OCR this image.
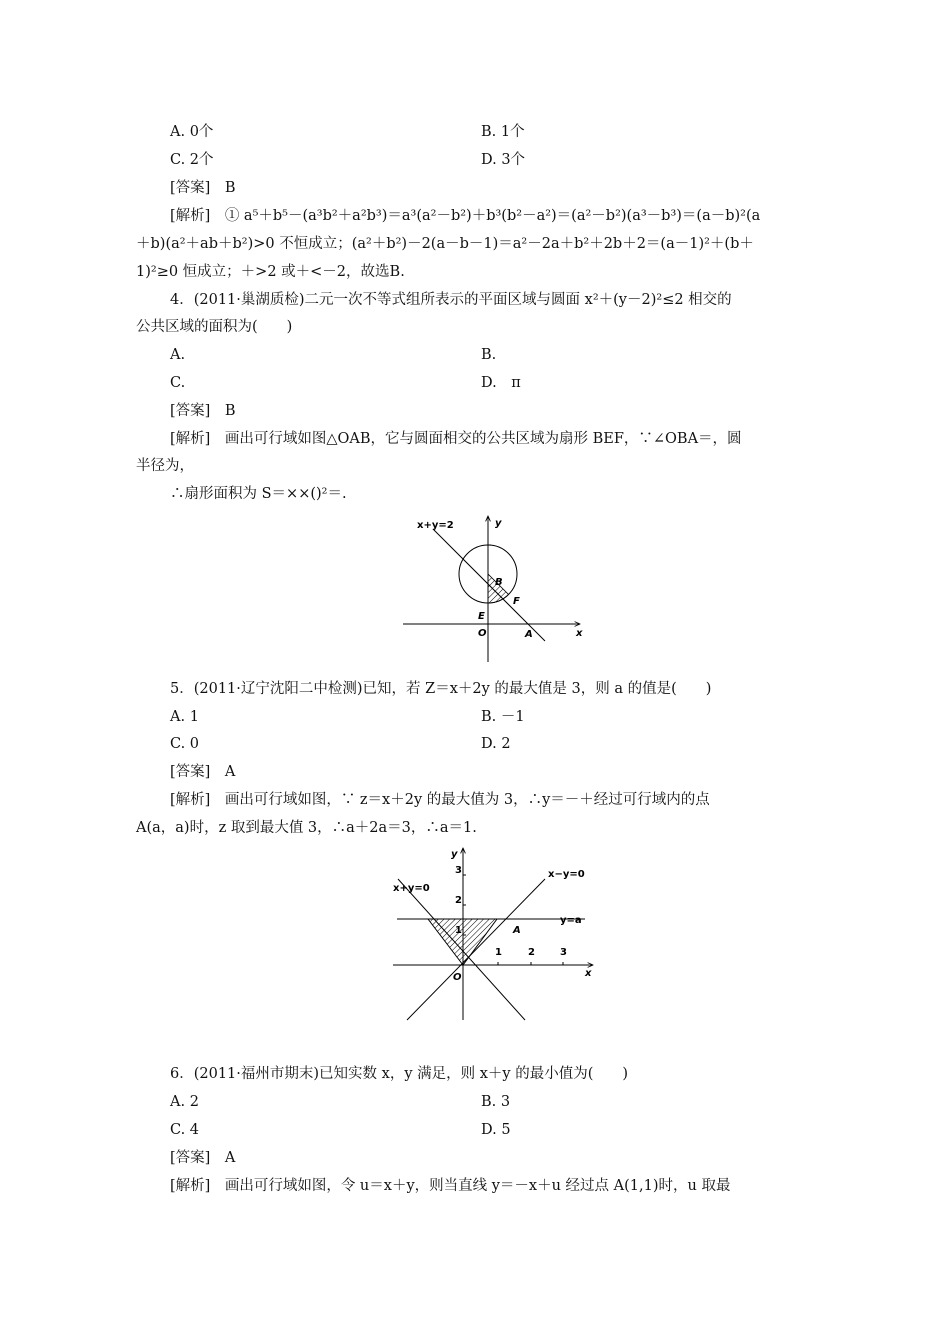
A. 0个	B. 1个
C. 2个	D. 3个
[答案]　B
[解析]　① a⁵＋b⁵－(a³b²＋a²b³)＝a³(a²－b²)＋b³(b²－a²)＝(a²－b²)(a³－b³)＝(a－b)²(a
＋b)(a²＋ab＋b²)>0 不恒成立；(a²＋b²)－2(a－b－1)＝a²－2a＋b²＋2b＋2＝(a－1)²＋(b＋
1)²≥0 恒成立；＋>2 或＋<－2，故选B.
4．(2011·巢湖质检)二元一次不等式组所表示的平面区域与圆面 x²＋(y－2)²≤2 相交的
公共区域的面积为(　　)
A.	B.
C.	D.　π
[答案]　B
[解析]　画出可行域如图△OAB，它与圆面相交的公共区域为扇形 BEF，∵∠OBA＝，圆
半径为，
∴扇形面积为 S＝××()²＝.
x+y=2	y
x
B
F
E
O	A
5．(2011·辽宁沈阳二中检测)已知，若 Z＝x＋2y 的最大值是 3，则 a 的值是(　　)
A. 1	B. －1
C. 0	D. 2
[答案]　A
[解析]　画出可行域如图，∵ z＝x＋2y 的最大值为 3，∴y＝－＋经过可行域内的点
A(a，a)时，z 取到最大值 3，∴a＋2a＝3，∴a＝1.
y
x
3
2
1
1	2	3
O
A
x+y=0
x−y=0
y=a
6．(2011·福州市期末)已知实数 x，y 满足，则 x＋y 的最小值为(　　)
A. 2	B. 3
C. 4	D. 5
[答案]　A
[解析]　画出可行域如图，令 u＝x＋y，则当直线 y＝－x＋u 经过点 A(1,1)时，u 取最
